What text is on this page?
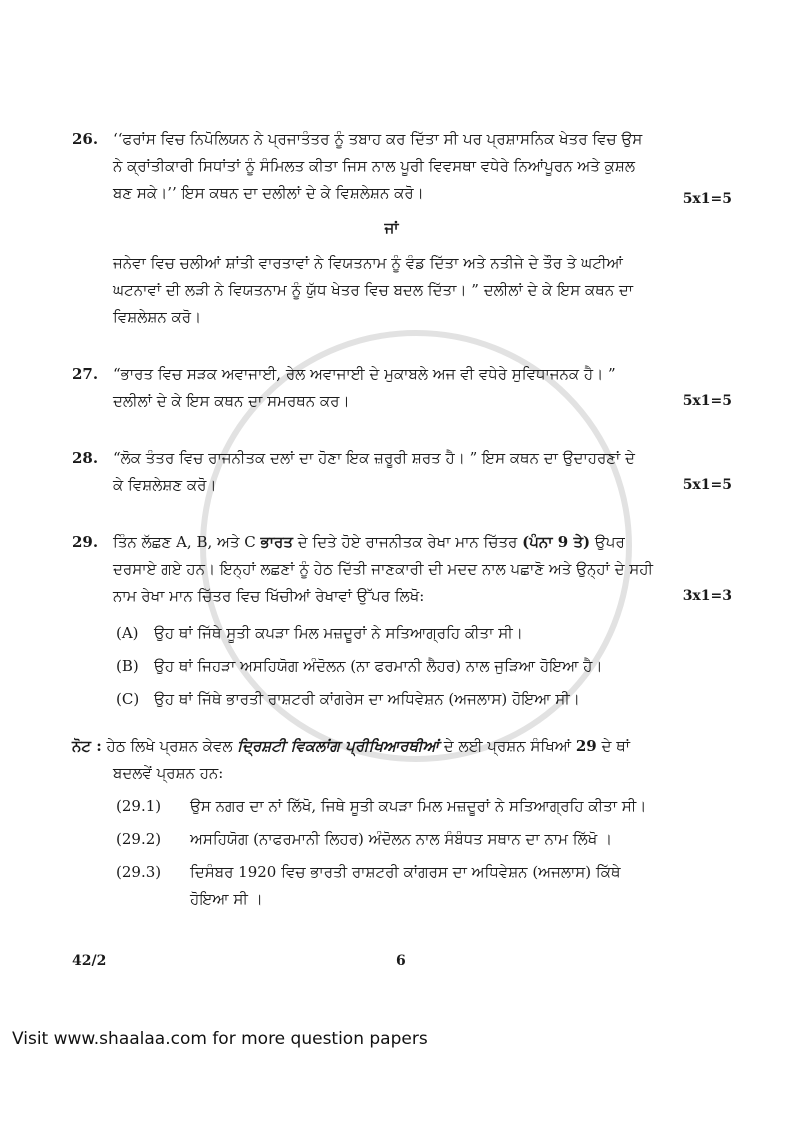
26. ‘‘ਫਰਾਂਸ ਵਿਚ ਨਿਪੋਲਿਯਨ ਨੇ ਪ੍ਰਜਾਤੰਤਰ ਨੂੰ ਤਬਾਹ ਕਰ ਦਿੱਤਾ ਸੀ ਪਰ ਪ੍ਰਸ਼ਾਸਨਿਕ ਖੇਤਰ ਵਿਚ ਉਸ
ਨੇ ਕ੍ਰਾਂਤੀਕਾਰੀ ਸਿਧਾਂਤਾਂ ਨੂੰ ਸੰਮਿਲਤ ਕੀਤਾ ਜਿਸ ਨਾਲ ਪੂਰੀ ਵਿਵਸਥਾ ਵਧੇਰੇ ਨਿਆਂਪੂਰਨ ਅਤੇ ਕੁਸ਼ਲ
ਬਣ ਸਕੇ।’’ ਇਸ ਕਥਨ ਦਾ ਦਲੀਲਾਂ ਦੇ ਕੇ ਵਿਸ਼ਲੇਸ਼ਨ ਕਰੋ।
ਜਾਂ
ਜਨੇਵਾ ਵਿਚ ਚਲੀਆਂ ਸ਼ਾਂਤੀ ਵਾਰਤਾਵਾਂ ਨੇ ਵਿਯਤਨਾਮ ਨੂੰ ਵੰਡ ਦਿੱਤਾ ਅਤੇ ਨਤੀਜੇ ਦੇ ਤੌਰ ਤੇ ਘਟੀਆਂ
ਘਟਨਾਵਾਂ ਦੀ ਲੜੀ ਨੇ ਵਿਯਤਨਾਮ ਨੂੰ ਯੁੱਧ ਖੇਤਰ ਵਿਚ ਬਦਲ ਦਿੱਤਾ। ” ਦਲੀਲਾਂ ਦੇ ਕੇ ਇਸ ਕਥਨ ਦਾ
ਵਿਸ਼ਲੇਸ਼ਨ ਕਰੋ।
5x1=5
27. “ਭਾਰਤ ਵਿਚ ਸੜਕ ਅਵਾਜਾਈ, ਰੇਲ ਅਵਾਜਾਈ ਦੇ ਮੁਕਾਬਲੇ ਅਜ ਵੀ ਵਧੇਰੇ ਸੁਵਿਧਾਜਨਕ ਹੈ। ”
ਦਲੀਲਾਂ ਦੇ ਕੇ ਇਸ ਕਥਨ ਦਾ ਸਮਰਥਨ ਕਰ।	5x1=5
28. “ਲੋਕ ਤੰਤਰ ਵਿਚ ਰਾਜਨੀਤਕ ਦਲਾਂ ਦਾ ਹੋਣਾ ਇਕ ਜ਼ਰੂਰੀ ਸ਼ਰਤ ਹੈ। ” ਇਸ ਕਥਨ ਦਾ ਉਦਾਹਰਣਾਂ ਦੇ
ਕੇ ਵਿਸ਼ਲੇਸ਼ਣ ਕਰੋ।	5x1=5
29. ਤਿੰਨ ਲੱਛਣ A, B, ਅਤੇ C ਭਾਰਤ ਦੇ ਦਿਤੇ ਹੋਏ ਰਾਜਨੀਤਕ ਰੇਖਾ ਮਾਨ ਚਿੱਤਰ (ਪੰਨਾ 9 ਤੇ) ਉਪਰ
ਦਰਸਾਏ ਗਏ ਹਨ। ਇਨ੍ਹਾਂ ਲਛਣਾਂ ਨੂੰ ਹੇਠ ਦਿੱਤੀ ਜਾਣਕਾਰੀ ਦੀ ਮਦਦ ਨਾਲ ਪਛਾਣੋ ਅਤੇ ਉਨ੍ਹਾਂ ਦੇ ਸਹੀ
ਨਾਮ ਰੇਖਾ ਮਾਨ ਚਿੱਤਰ ਵਿਚ ਖਿੱਚੀਆਂ ਰੇਖਾਵਾਂ ਉੱਪਰ ਲਿਖੋ:	3x1=3
(A)	ਉਹ ਥਾਂ ਜਿੱਥੇ ਸੂਤੀ ਕਪੜਾ ਮਿਲ ਮਜ਼ਦੂਰਾਂ ਨੇ ਸਤਿਆਗ੍ਰਹਿ ਕੀਤਾ ਸੀ।
(B)	ਉਹ ਥਾਂ ਜਿਹੜਾ ਅਸਹਿਯੋਗ ਅੰਦੋਲਨ (ਨਾ ਫਰਮਾਨੀ ਲੈਹਰ) ਨਾਲ ਜੁੜਿਆ ਹੋਇਆ ਹੈ।
(C) ਉਹ ਥਾਂ ਜਿੱਥੇ ਭਾਰਤੀ ਰਾਸ਼ਟਰੀ ਕਾਂਗਰੇਸ ਦਾ ਅਧਿਵੇਸ਼ਨ (ਅਜਲਾਸ) ਹੋਇਆ ਸੀ।
ਨੋਟ : ਹੇਠ ਲਿਖੇ ਪ੍ਰਸ਼ਨ ਕੇਵਲ ਦ੍ਰਿਸ਼ਟੀ ਵਿਕਲਾਂਗ ਪ੍ਰੀਖਿਆਰਥੀਆਂ ਦੇ ਲਈ ਪ੍ਰਸ਼ਨ ਸੰਖਿਆਂ 29 ਦੇ ਥਾਂ
ਬਦਲਵੇਂ ਪ੍ਰਸ਼ਨ ਹਨ:
(29.1)	ਉਸ ਨਗਰ ਦਾ ਨਾਂ ਲਿੱਖੋ, ਜਿਥੇ ਸੂਤੀ ਕਪੜਾ ਮਿਲ ਮਜ਼ਦੂਰਾਂ ਨੇ ਸਤਿਆਗ੍ਰਹਿ ਕੀਤਾ ਸੀ।
(29.2)	ਅਸਹਿਯੋਗ (ਨਾਫਰਮਾਨੀ ਲਿਹਰ) ਅੰਦੋਲਨ ਨਾਲ ਸੰਬੰਧਤ ਸਥਾਨ ਦਾ ਨਾਮ ਲਿੱਖੋ ।
(29.3)	ਦਿਸੰਬਰ 1920 ਵਿਚ ਭਾਰਤੀ ਰਾਸ਼ਟਰੀ ਕਾਂਗਰਸ ਦਾ ਅਧਿਵੇਸ਼ਨ (ਅਜਲਾਸ) ਕਿੱਥੇ
ਹੋਇਆ ਸੀ ।
42/2	6
Visit www.shaalaa.com for more question papers
